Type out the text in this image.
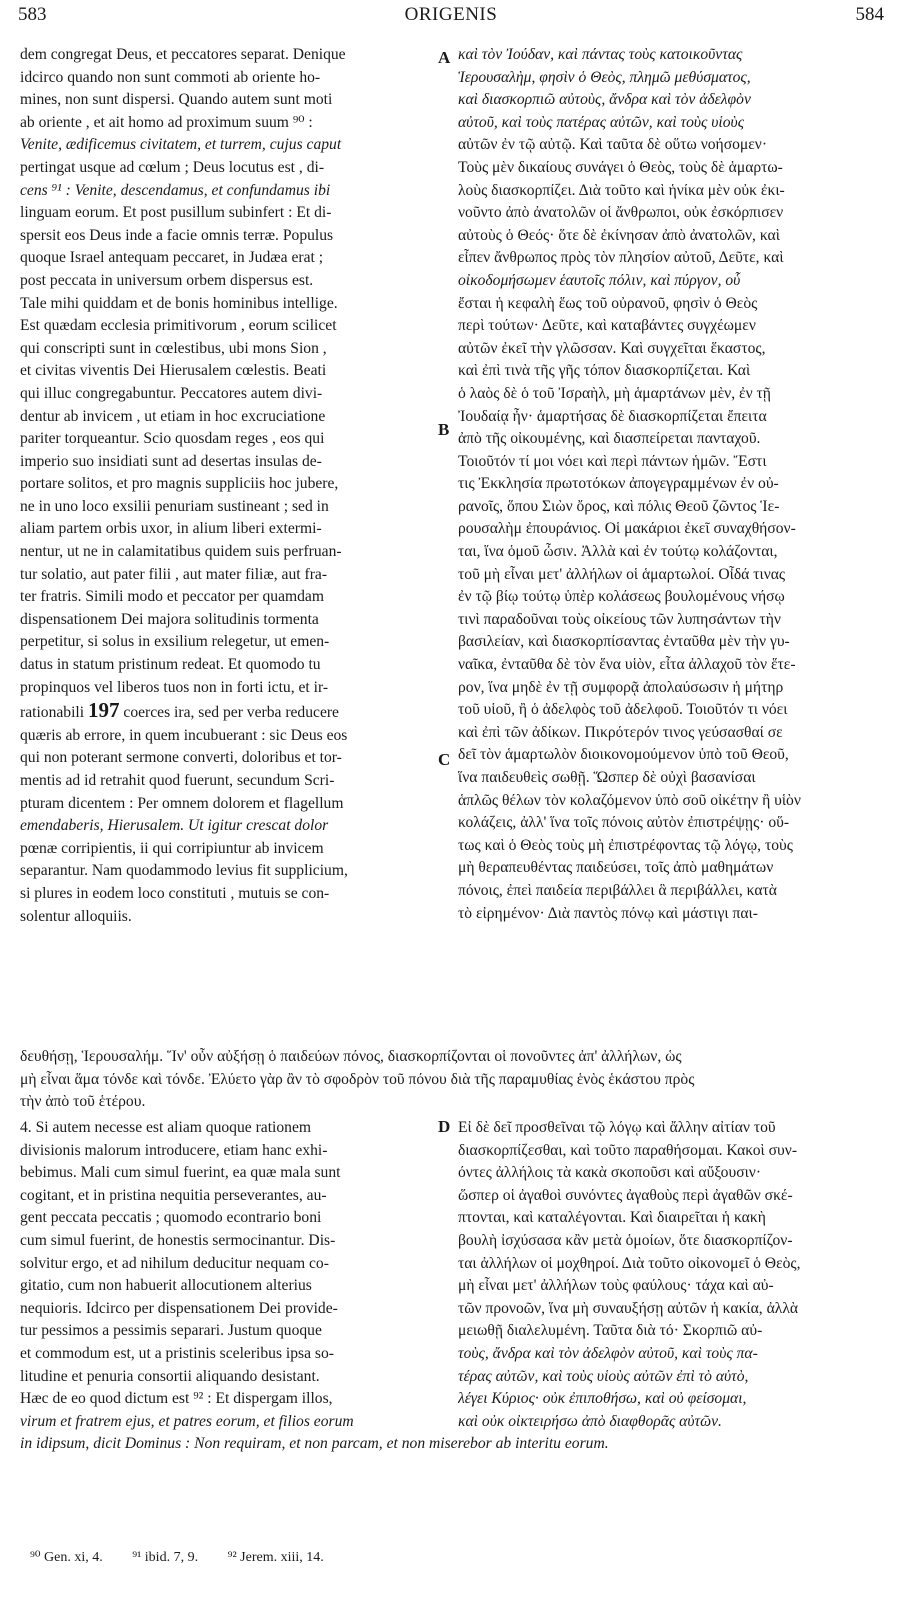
583	ORIGENIS	584
A
B
C
D
dem congregat Deus, et peccatores separat. Denique
idcirco quando non sunt commoti ab oriente ho-
mines, non sunt dispersi. Quando autem sunt moti
ab oriente , et ait homo ad proximum suum ⁹⁰ :
Venite, ædificemus civitatem, et turrem, cujus caput
pertingat usque ad cœlum ; Deus locutus est , di-
cens ⁹¹ : Venite, descendamus, et confundamus ibi
linguam eorum. Et post pusillum subinfert : Et di-
spersit eos Deus inde a facie omnis terræ. Populus
quoque Israel antequam peccaret, in Judæa erat ;
post peccata in universum orbem dispersus est.
Tale mihi quiddam et de bonis hominibus intellige.
Est quædam ecclesia primitivorum , eorum scilicet
qui conscripti sunt in cœlestibus, ubi mons Sion ,
et civitas viventis Dei Hierusalem cœlestis. Beati
qui illuc congregabuntur. Peccatores autem divi-
dentur ab invicem , ut etiam in hoc excruciatione
pariter torqueantur. Scio quosdam reges , eos qui
imperio suo insidiati sunt ad desertas insulas de-
portare solitos, et pro magnis suppliciis hoc jubere,
ne in uno loco exsilii penuriam sustineant ; sed in
aliam partem orbis uxor, in alium liberi extermi-
nentur, ut ne in calamitatibus quidem suis perfruan-
tur solatio, aut pater filii , aut mater filiæ, aut fra-
ter fratris. Simili modo et peccator per quamdam
dispensationem Dei majora solitudinis tormenta
perpetitur, si solus in exsilium relegetur, ut emen-
datus in statum pristinum redeat. Et quomodo tu
propinquos vel liberos tuos non in forti ictu, et ir-
rationabili 197 coerces ira, sed per verba reducere
quæris ab errore, in quem incubuerant : sic Deus eos
qui non poterant sermone converti, doloribus et tor-
mentis ad id retrahit quod fuerunt, secundum Scri-
pturam dicentem : Per omnem dolorem et flagellum
emendaberis, Hierusalem. Ut igitur crescat dolor
pœnæ corripientis, ii qui corripiuntur ab invicem
separantur. Nam quodammodo levius fit supplicium,
si plures in eodem loco constituti , mutuis se con-
solentur alloquiis.
καὶ τὸν Ἰούδαν, καὶ πάντας τοὺς κατοικοῦντας
Ἱερουσαλὴμ, φησὶν ὁ Θεὸς, πλημῶ μεθύσματος,
καὶ διασκορπιῶ αὐτοὺς, ἄνδρα καὶ τὸν ἀδελφὸν
αὐτοῦ, καὶ τοὺς πατέρας αὐτῶν, καὶ τοὺς υἱοὺς
αὐτῶν ἐν τῷ αὐτῷ. Καὶ ταῦτα δὲ οὕτω νοήσομεν·
Τοὺς μὲν δικαίους συνάγει ὁ Θεὸς, τοὺς δὲ ἁμαρτω-
λοὺς διασκορπίζει. Διὰ τοῦτο καὶ ἡνίκα μὲν οὐκ ἐκι-
νοῦντο ἀπὸ ἀνατολῶν οἱ ἄνθρωποι, οὐκ ἐσκόρπισεν
αὐτοὺς ὁ Θεός· ὅτε δὲ ἐκίνησαν ἀπὸ ἀνατολῶν, καὶ
εἶπεν ἄνθρωπος πρὸς τὸν πλησίον αὐτοῦ, Δεῦτε, καὶ
οἰκοδομήσωμεν ἑαυτοῖς πόλιν, καὶ πύργον, οὗ
ἔσται ἡ κεφαλὴ ἕως τοῦ οὐρανοῦ, φησὶν ὁ Θεὸς
περὶ τούτων· Δεῦτε, καὶ καταβάντες συγχέωμεν
αὐτῶν ἐκεῖ τὴν γλῶσσαν. Καὶ συγχεῖται ἕκαστος,
καὶ ἐπὶ τινὰ τῆς γῆς τόπον διασκορπίζεται. Καὶ
ὁ λαὸς δὲ ὁ τοῦ Ἰσραὴλ, μὴ ἁμαρτάνων μὲν, ἐν τῇ
Ἰουδαίᾳ ἦν· ἁμαρτήσας δὲ διασκορπίζεται ἔπειτα
ἀπὸ τῆς οἰκουμένης, καὶ διασπείρεται πανταχοῦ.
Τοιοῦτόν τί μοι νόει καὶ περὶ πάντων ἡμῶν. Ἔστι
τις Ἐκκλησία πρωτοτόκων ἀπογεγραμμένων ἐν οὐ-
ρανοῖς, ὅπου Σιὼν ὄρος, καὶ πόλις Θεοῦ ζῶντος Ἱε-
ρουσαλὴμ ἐπουράνιος. Οἱ μακάριοι ἐκεῖ συναχθήσον-
ται, ἵνα ὁμοῦ ὦσιν. Ἀλλὰ καὶ ἐν τούτῳ κολάζονται,
τοῦ μὴ εἶναι μετ' ἀλλήλων οἱ ἁμαρτωλοί. Οἶδά τινας
ἐν τῷ βίῳ τούτῳ ὑπὲρ κολάσεως βουλομένους νήσῳ
τινὶ παραδοῦναι τοὺς οἰκείους τῶν λυπησάντων τὴν
βασιλείαν, καὶ διασκορπίσαντας ἐνταῦθα μὲν τὴν γυ-
ναῖκα, ἐνταῦθα δὲ τὸν ἕνα υἱὸν, εἶτα ἀλλαχοῦ τὸν ἕτε-
ρον, ἵνα μηδὲ ἐν τῇ συμφορᾷ ἀπολαύσωσιν ἡ μήτηρ
τοῦ υἱοῦ, ἢ ὁ ἀδελφὸς τοῦ ἀδελφοῦ. Τοιοῦτόν τι νόει
καὶ ἐπὶ τῶν ἀδίκων. Πικρότερόν τινος γεύσασθαί σε
δεῖ τὸν ἁμαρτωλὸν διοικονομούμενον ὑπὸ τοῦ Θεοῦ,
ἵνα παιδευθεὶς σωθῇ. Ὥσπερ δὲ οὐχὶ βασανίσαι
ἁπλῶς θέλων τὸν κολαζόμενον ὑπὸ σοῦ οἰκέτην ἢ υἱὸν
κολάζεις, ἀλλ' ἵνα τοῖς πόνοις αὐτὸν ἐπιστρέψῃς· οὕ-
τως καὶ ὁ Θεὸς τοὺς μὴ ἐπιστρέφοντας τῷ λόγῳ, τοὺς
μὴ θεραπευθέντας παιδεύσει, τοῖς ἀπὸ μαθημάτων
πόνοις, ἐπεὶ παιδεία περιβάλλει ἃ περιβάλλει, κατὰ
τὸ εἰρημένον· Διὰ παντὸς πόνῳ καὶ μάστιγι παι-
δευθήσῃ, Ἱερουσαλήμ. Ἵν' οὖν αὐξήσῃ ὁ παιδεύων πόνος, διασκορπίζονται οἱ πονοῦντες ἀπ' ἀλλήλων, ὡς
μὴ εἶναι ἅμα τόνδε καὶ τόνδε. Ἐλύετο γὰρ ἂν τὸ σφοδρὸν τοῦ πόνου διὰ τῆς παραμυθίας ἑνὸς ἑκάστου πρὸς
τὴν ἀπὸ τοῦ ἑτέρου.
4. Si autem necesse est aliam quoque rationem
divisionis malorum introducere, etiam hanc exhi-
bebimus. Mali cum simul fuerint, ea quæ mala sunt
cogitant, et in pristina nequitia perseverantes, au-
gent peccata peccatis ; quomodo econtrario boni
cum simul fuerint, de honestis sermocinantur. Dis-
solvitur ergo, et ad nihilum deducitur nequam co-
gitatio, cum non habuerit allocutionem alterius
nequioris. Idcirco per dispensationem Dei providе-
tur pessimos a pessimis separari. Justum quoque
et commodum est, ut a pristinis sceleribus ipsa so-
litudine et penuria consortii aliquando desistant.
Hæc de eo quod dictum est ⁹² : Et dispergam illos,
virum et fratrem ejus, et patres eorum, et filios eorum
Εἰ δὲ δεῖ προσθεῖναι τῷ λόγῳ καὶ ἄλλην αἰτίαν τοῦ
διασκορπίζεσθαι, καὶ τοῦτο παραθήσομαι. Κακοὶ συν-
όντες ἀλλήλοις τὰ κακὰ σκοποῦσι καὶ αὔξουσιν·
ὥσπερ οἱ ἀγαθοὶ συνόντες ἀγαθοὺς περὶ ἀγαθῶν σκέ-
πτονται, καὶ καταλέγονται. Καὶ διαιρεῖται ἡ κακὴ
βουλὴ ἰσχύσασα κἂν μετὰ ὁμοίων, ὅτε διασκορπίζον-
ται ἀλλήλων οἱ μοχθηροί. Διὰ τοῦτο οἰκονομεῖ ὁ Θεὸς,
μὴ εἶναι μετ' ἀλλήλων τοὺς φαύλους· τάχα καὶ αὐ-
τῶν προνοῶν, ἵνα μὴ συναυξήσῃ αὐτῶν ἡ κακία, ἀλλὰ
μειωθῇ διαλελυμένη. Ταῦτα διὰ τό· Σκορπιῶ αὐ-
τοὺς, ἄνδρα καὶ τὸν ἀδελφὸν αὐτοῦ, καὶ τοὺς πα-
τέρας αὐτῶν, καὶ τοὺς υἱοὺς αὐτῶν ἐπὶ τὸ αὐτὸ,
λέγει Κύριος· οὐκ ἐπιποθήσω, καὶ οὐ φείσομαι,
καὶ οὐκ οἰκτειρήσω ἀπὸ διαφθορᾶς αὐτῶν.
in idipsum, dicit Dominus : Non requiram, et non parcam, et non miserebor ab interitu eorum.
⁹⁰ Gen. xi, 4. ⁹¹ ibid. 7, 9. ⁹² Jerem. xiii, 14.
